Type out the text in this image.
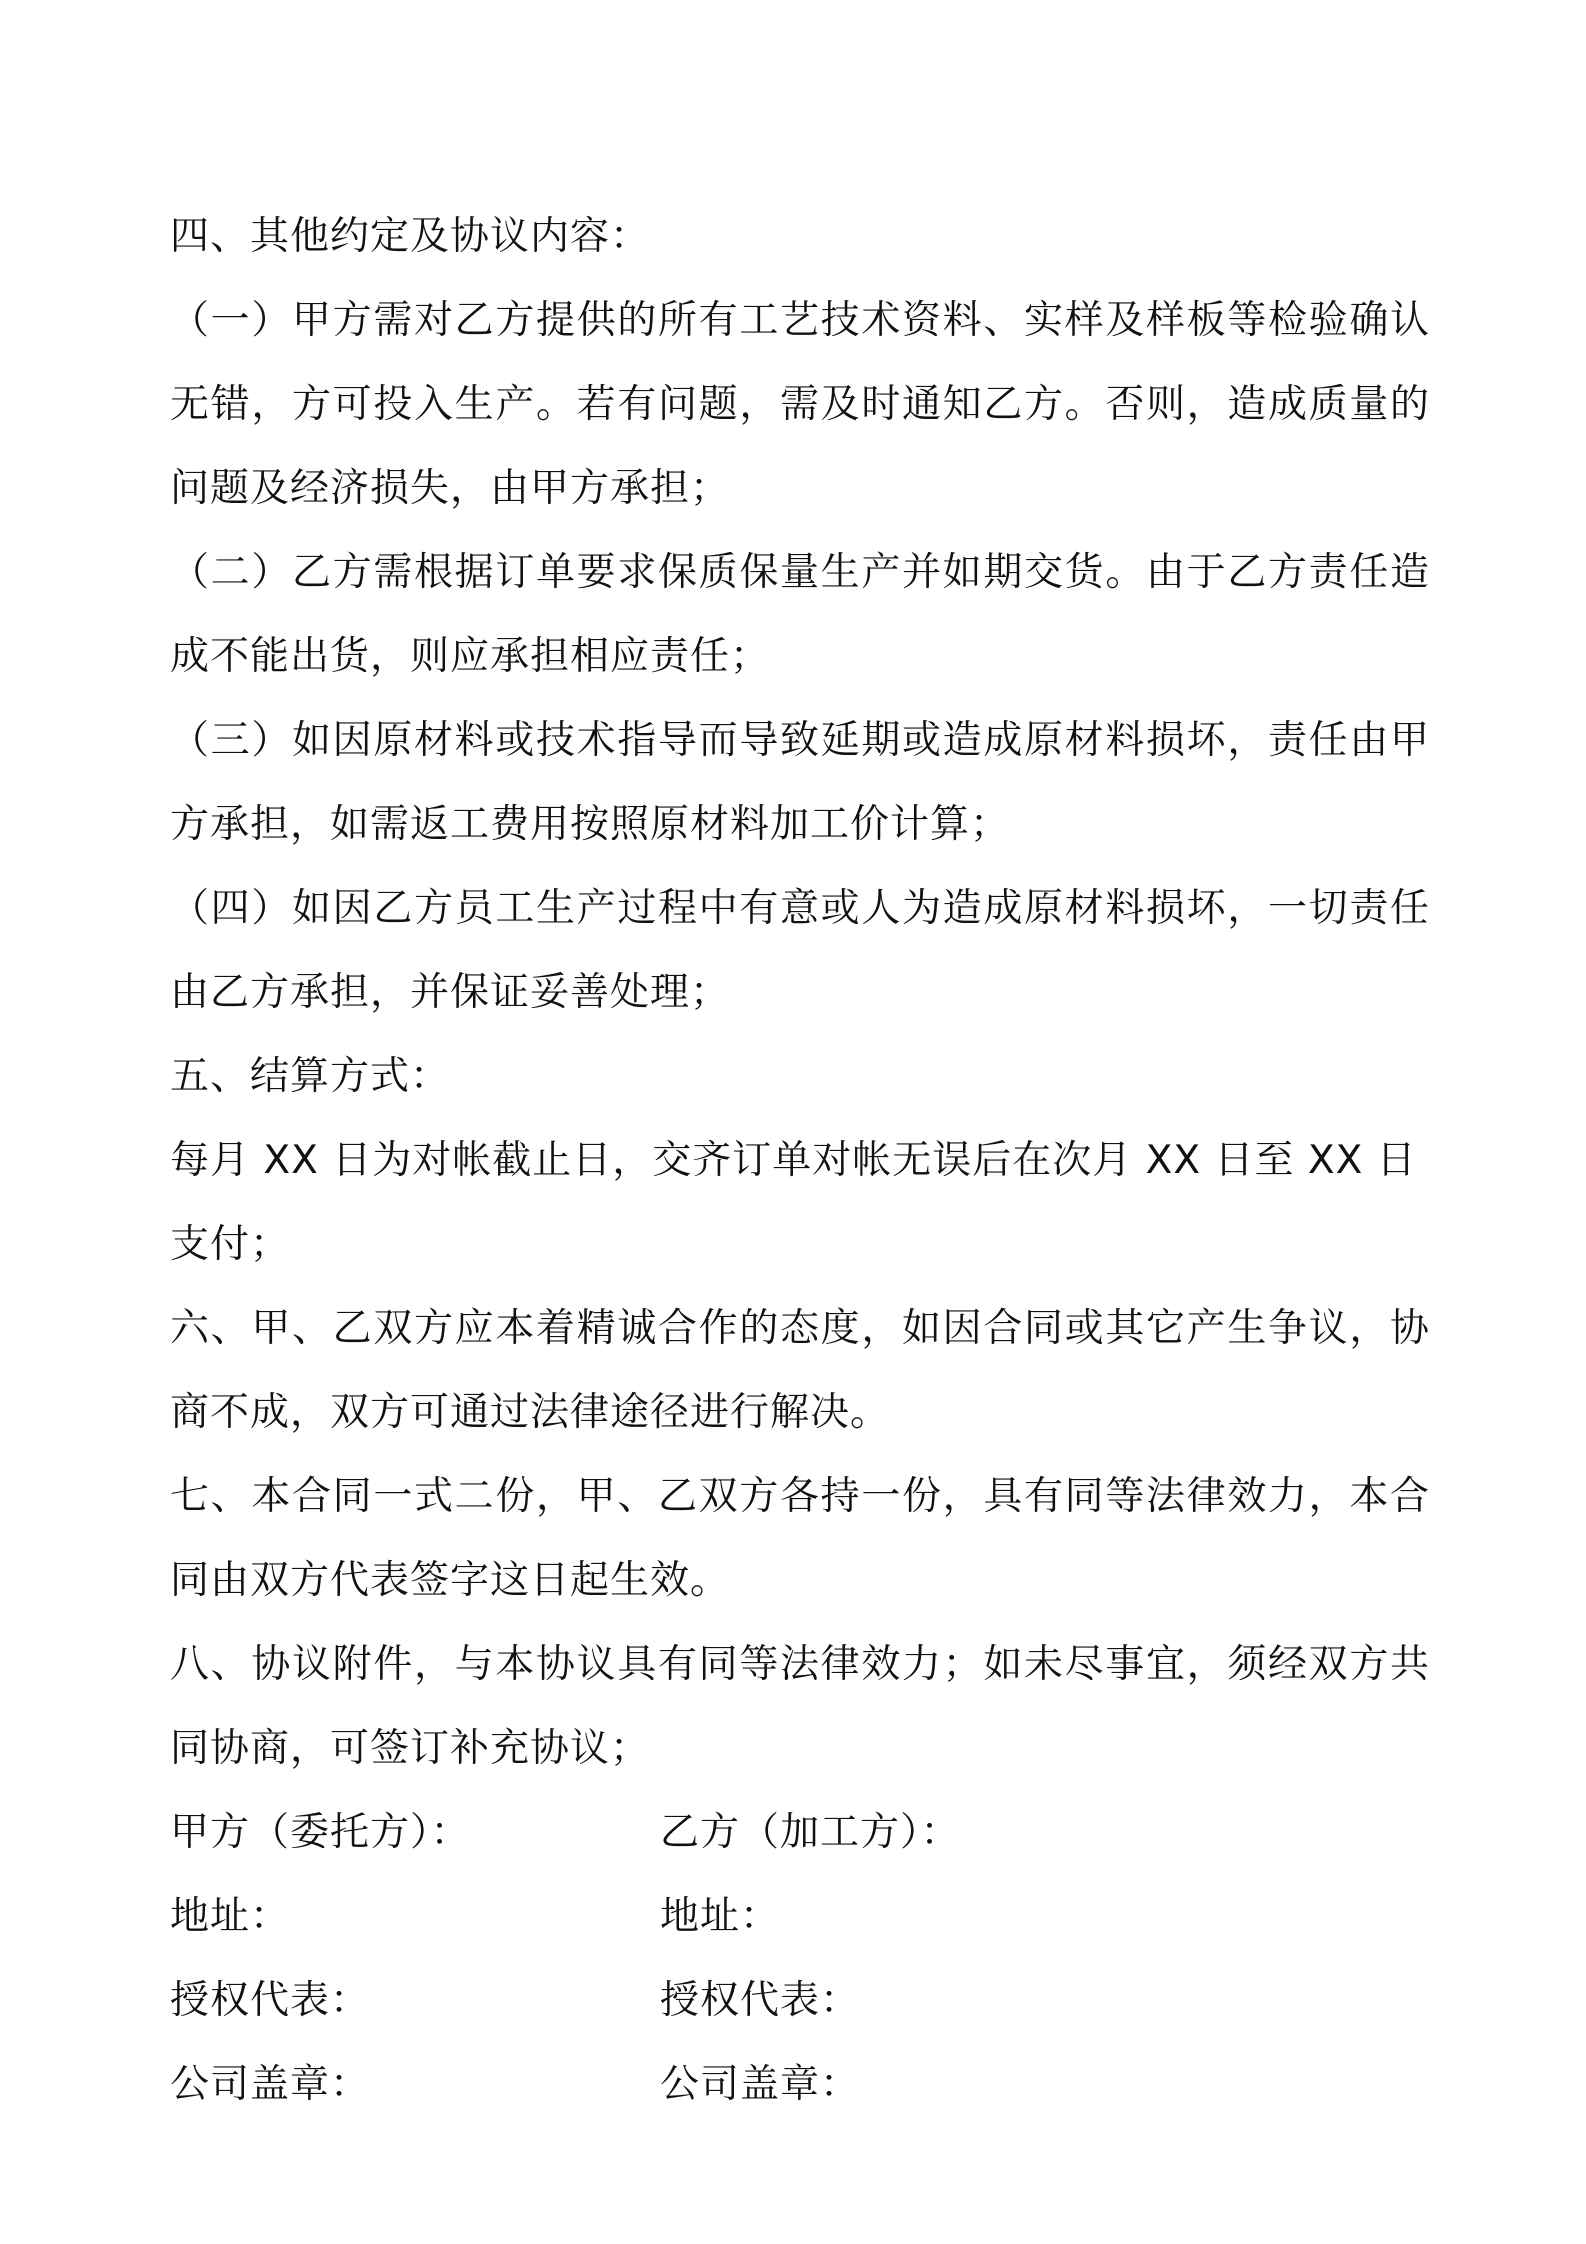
四、其他约定及协议内容：

（一）甲方需对乙方提供的所有工艺技术资料、实样及样板等检验确认无错，方可投入生产。若有问题，需及时通知乙方。否则，造成质量的问题及经济损失，由甲方承担；

（二）乙方需根据订单要求保质保量生产并如期交货。由于乙方责任造成不能出货，则应承担相应责任；

（三）如因原材料或技术指导而导致延期或造成原材料损坏，责任由甲方承担，如需返工费用按照原材料加工价计算；

（四）如因乙方员工生产过程中有意或人为造成原材料损坏，一切责任由乙方承担，并保证妥善处理；

五、结算方式：

每月 XX 日为对帐截止日，交齐订单对帐无误后在次月 XX 日至 XX 日支付；

六、甲、乙双方应本着精诚合作的态度，如因合同或其它产生争议，协商不成，双方可通过法律途径进行解决。

七、本合同一式二份，甲、乙双方各持一份，具有同等法律效力，本合同由双方代表签字这日起生效。

八、协议附件，与本协议具有同等法律效力；如未尽事宜，须经双方共同协商，可签订补充协议；

甲方（委托方）：	乙方（加工方）：
地址：	地址：
授权代表：	授权代表：
公司盖章：	公司盖章：
